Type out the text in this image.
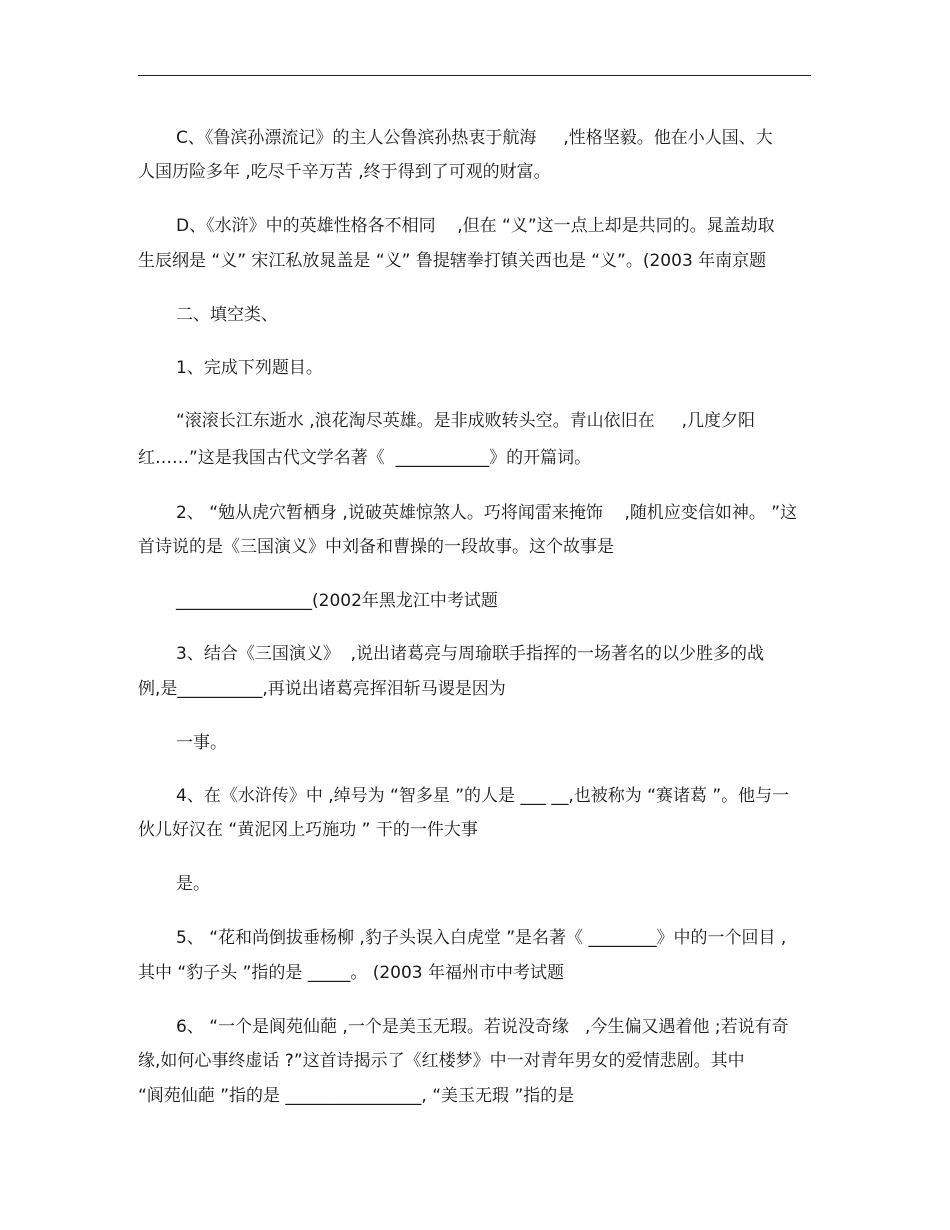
C、《鲁滨孙漂流记》的主人公鲁滨孙热衷于航海     ,性格坚毅。他在小人国、大
人国历险多年 ,吃尽千辛万苦 ,终于得到了可观的财富。
D、《水浒》中的英雄性格各不相同    ,但在 “义”这一点上却是共同的。晁盖劫取
生辰纲是 “义” 宋江私放晁盖是 “义” 鲁提辖拳打镇关西也是 “义”。(2003 年南京题
二、填空类、
1、完成下列题目。
“滚滚长江东逝水 ,浪花淘尽英雄。是非成败转头空。青山依旧在     ,几度夕阳
红……”这是我国古代文学名著《  ___________》的开篇词。
2、 “勉从虎穴暂栖身 ,说破英雄惊煞人。巧将闻雷来掩饰    ,随机应变信如神。 ”这
首诗说的是《三国演义》中刘备和曹操的一段故事。这个故事是
________________(2002年黑龙江中考试题
3、结合《三国演义》  ,说出诸葛亮与周瑜联手指挥的一场著名的以少胜多的战
例,是__________,再说出诸葛亮挥泪斩马谡是因为
一事。
4、在《水浒传》中 ,绰号为 “智多星 ”的人是 ___ __,也被称为 “赛诸葛 ”。他与一
伙儿好汉在 “黄泥冈上巧施功 ” 干的一件大事
是。
5、 “花和尚倒拔垂杨柳 ,豹子头误入白虎堂 ”是名著《 ________》中的一个回目 ,
其中 “豹子头 ”指的是 _____。 (2003 年福州市中考试题
6、 “一个是阆苑仙葩 ,一个是美玉无瑕。若说没奇缘   ,今生偏又遇着他 ;若说有奇
缘,如何心事终虚话 ?”这首诗揭示了《红楼梦》中一对青年男女的爱情悲剧。其中
“阆苑仙葩 ”指的是 ________________, “美玉无瑕 ”指的是
